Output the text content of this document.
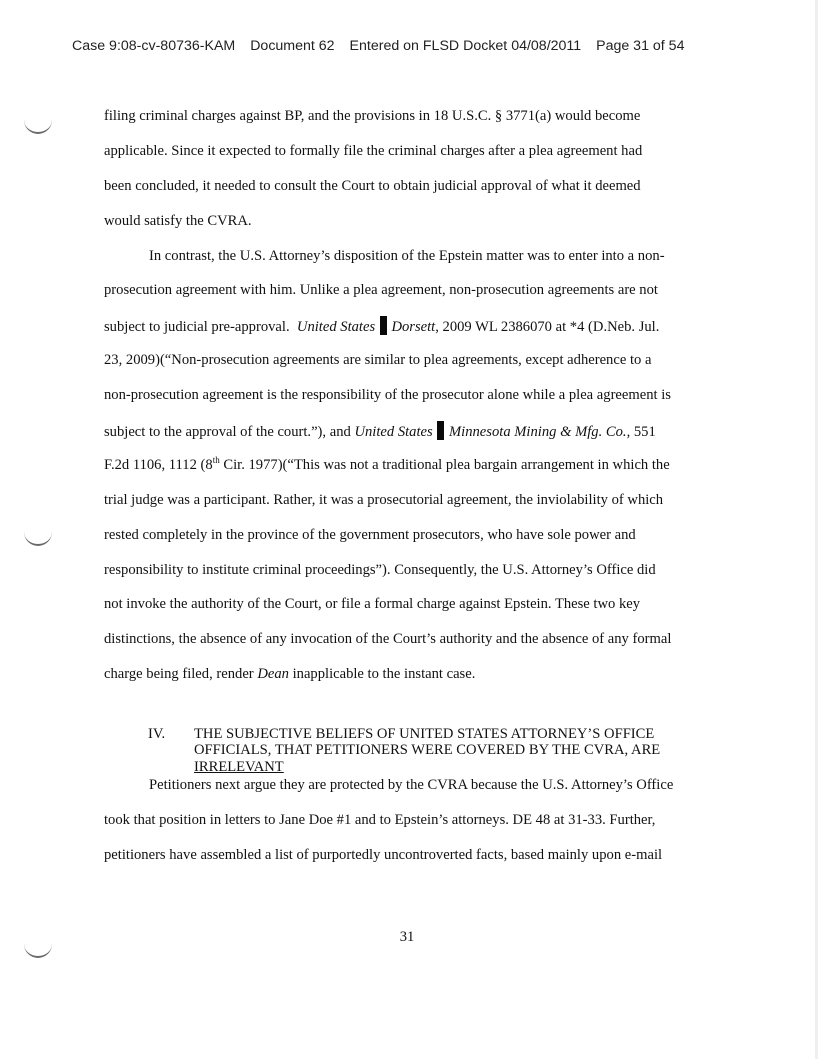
Case 9:08-cv-80736-KAM Document 62 Entered on FLSD Docket 04/08/2011 Page 31 of 54
filing criminal charges against BP, and the provisions in 18 U.S.C. § 3771(a) would become
applicable. Since it expected to formally file the criminal charges after a plea agreement had
been concluded, it needed to consult the Court to obtain judicial approval of what it deemed
would satisfy the CVRA.
In contrast, the U.S. Attorney’s disposition of the Epstein matter was to enter into a non-
prosecution agreement with him. Unlike a plea agreement, non-prosecution agreements are not
subject to judicial pre-approval. United States Dorsett, 2009 WL 2386070 at *4 (D.Neb. Jul.
23, 2009)(“Non-prosecution agreements are similar to plea agreements, except adherence to a
non-prosecution agreement is the responsibility of the prosecutor alone while a plea agreement is
subject to the approval of the court.”), and United States Minnesota Mining & Mfg. Co., 551
F.2d 1106, 1112 (8th Cir. 1977)(“This was not a traditional plea bargain arrangement in which the
trial judge was a participant. Rather, it was a prosecutorial agreement, the inviolability of which
rested completely in the province of the government prosecutors, who have sole power and
responsibility to institute criminal proceedings”). Consequently, the U.S. Attorney’s Office did
not invoke the authority of the Court, or file a formal charge against Epstein. These two key
distinctions, the absence of any invocation of the Court’s authority and the absence of any formal
charge being filed, render Dean inapplicable to the instant case.
IV. THE SUBJECTIVE BELIEFS OF UNITED STATES ATTORNEY’S OFFICE
OFFICIALS, THAT PETITIONERS WERE COVERED BY THE CVRA, ARE
IRRELEVANT
Petitioners next argue they are protected by the CVRA because the U.S. Attorney’s Office
took that position in letters to Jane Doe #1 and to Epstein’s attorneys. DE 48 at 31-33. Further,
petitioners have assembled a list of purportedly uncontroverted facts, based mainly upon e-mail
31
